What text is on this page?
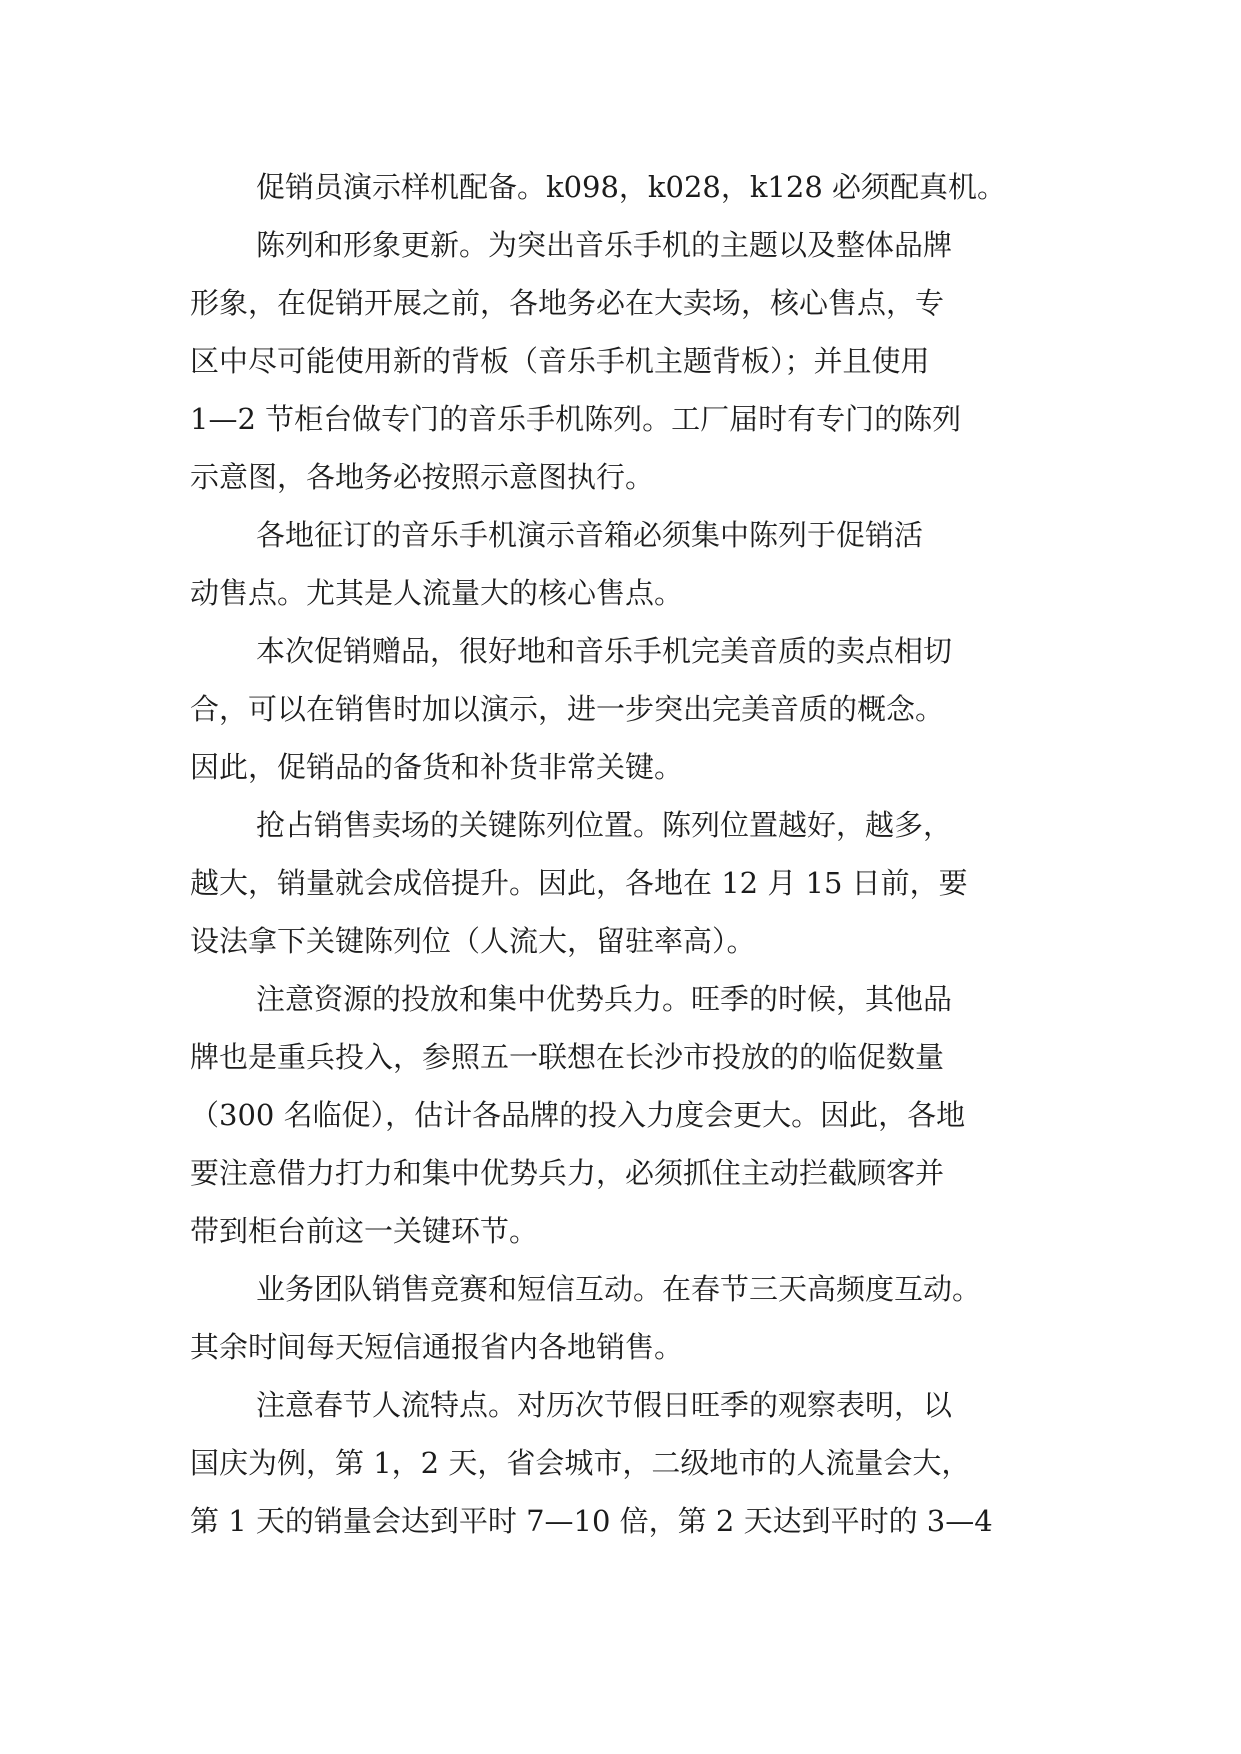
促销员演示样机配备。k098，k028，k128 必须配真机。
陈列和形象更新。为突出音乐手机的主题以及整体品牌
形象，在促销开展之前，各地务必在大卖场，核心售点，专
区中尽可能使用新的背板（音乐手机主题背板）；并且使用
1—2 节柜台做专门的音乐手机陈列。工厂届时有专门的陈列
示意图，各地务必按照示意图执行。
各地征订的音乐手机演示音箱必须集中陈列于促销活
动售点。尤其是人流量大的核心售点。
本次促销赠品，很好地和音乐手机完美音质的卖点相切
合，可以在销售时加以演示，进一步突出完美音质的概念。
因此，促销品的备货和补货非常关键。
抢占销售卖场的关键陈列位置。陈列位置越好，越多，
越大，销量就会成倍提升。因此，各地在 12 月 15 日前，要
设法拿下关键陈列位（人流大，留驻率高）。
注意资源的投放和集中优势兵力。旺季的时候，其他品
牌也是重兵投入，参照五一联想在长沙市投放的的临促数量
（300 名临促），估计各品牌的投入力度会更大。因此，各地
要注意借力打力和集中优势兵力，必须抓住主动拦截顾客并
带到柜台前这一关键环节。
业务团队销售竞赛和短信互动。在春节三天高频度互动。
其余时间每天短信通报省内各地销售。
注意春节人流特点。对历次节假日旺季的观察表明，以
国庆为例，第 1，2 天，省会城市，二级地市的人流量会大，
第 1 天的销量会达到平时 7—10 倍，第 2 天达到平时的 3—4
